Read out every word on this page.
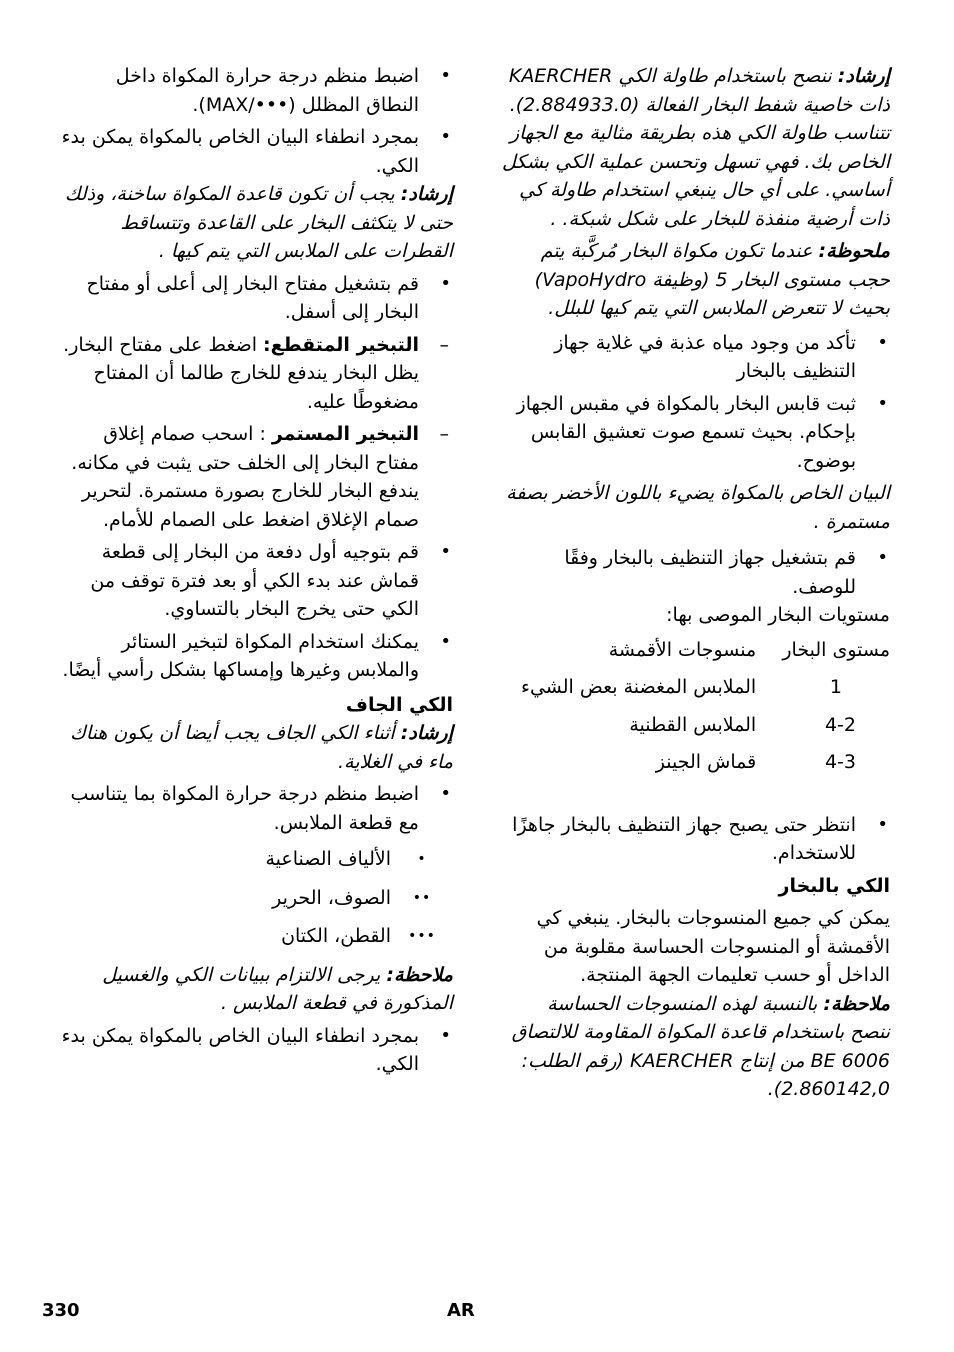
إرشاد: ننصح باستخدام طاولة الكي KAERCHER ذات خاصية شفط البخار الفعالة (2.884933.0). تتناسب طاولة الكي هذه بطريقة مثالية مع الجهاز الخاص بك. فهي تسهل وتحسن عملية الكي بشكل أساسي. على أي حال ينبغي استخدام طاولة كي ذات أرضية منفذة للبخار على شكل شبكة. .

ملحوظة: عندما تكون مكواة البخار مُركَّبة يتم حجب مستوى البخار 5 (وظيفة VapoHydro) بحيث لا تتعرض الملابس التي يتم كيها للبلل.

• تأكد من وجود مياه عذبة في غلاية جهاز التنظيف بالبخار

• ثبت قابس البخار بالمكواة في مقبس الجهاز بإحكام. بحيث تسمع صوت تعشيق القابس بوضوح.

البيان الخاص بالمكواة يضيء باللون الأخضر بصفة مستمرة .

• قم بتشغيل جهاز التنظيف بالبخار وفقًا للوصف.

مستويات البخار الموصى بها:

مستوى البخار	منسوجات الأقمشة
1	الملابس المغضنة بعض الشيء
4-2	الملابس القطنية
4-3	قماش الجينز

• انتظر حتى يصبح جهاز التنظيف بالبخار جاهزًا للاستخدام.

الكي بالبخار

يمكن كي جميع المنسوجات بالبخار. ينبغي كي الأقمشة أو المنسوجات الحساسة مقلوبة من الداخل أو حسب تعليمات الجهة المنتجة.

ملاحظة: بالنسبة لهذه المنسوجات الحساسة ننصح باستخدام قاعدة المكواة المقاومة للالتصاق BE 6006 من إنتاج KAERCHER (رقم الطلب: 2.860142,0).

• اضبط منظم درجة حرارة المكواة داخل النطاق المظلل (•••/MAX).

• بمجرد انطفاء البيان الخاص بالمكواة يمكن بدء الكي.

إرشاد: يجب أن تكون قاعدة المكواة ساخنة، وذلك حتى لا يتكثف البخار على القاعدة وتتساقط القطرات على الملابس التي يتم كيها .

• قم بتشغيل مفتاح البخار إلى أعلى أو مفتاح البخار إلى أسفل.

– التبخير المتقطع: اضغط على مفتاح البخار. يظل البخار يندفع للخارج طالما أن المفتاح مضغوطًا عليه.

– التبخير المستمر : اسحب صمام إغلاق مفتاح البخار إلى الخلف حتى يثبت في مكانه. يندفع البخار للخارج بصورة مستمرة. لتحرير صمام الإغلاق اضغط على الصمام للأمام.

• قم بتوجيه أول دفعة من البخار إلى قطعة قماش عند بدء الكي أو بعد فترة توقف من الكي حتى يخرج البخار بالتساوي.

• يمكنك استخدام المكواة لتبخير الستائر والملابس وغيرها وإمساكها بشكل رأسي أيضًا.

الكي الجاف

إرشاد: أثناء الكي الجاف يجب أيضا أن يكون هناك ماء في الغلاية.

• اضبط منظم درجة حرارة المكواة بما يتناسب مع قطعة الملابس.

•
الألياف الصناعية
••
الصوف، الحرير
•••
القطن، الكتان

ملاحظة: يرجى الالتزام ببيانات الكي والغسيل المذكورة في قطعة الملابس .

• بمجرد انطفاء البيان الخاص بالمكواة يمكن بدء الكي.

330	AR
